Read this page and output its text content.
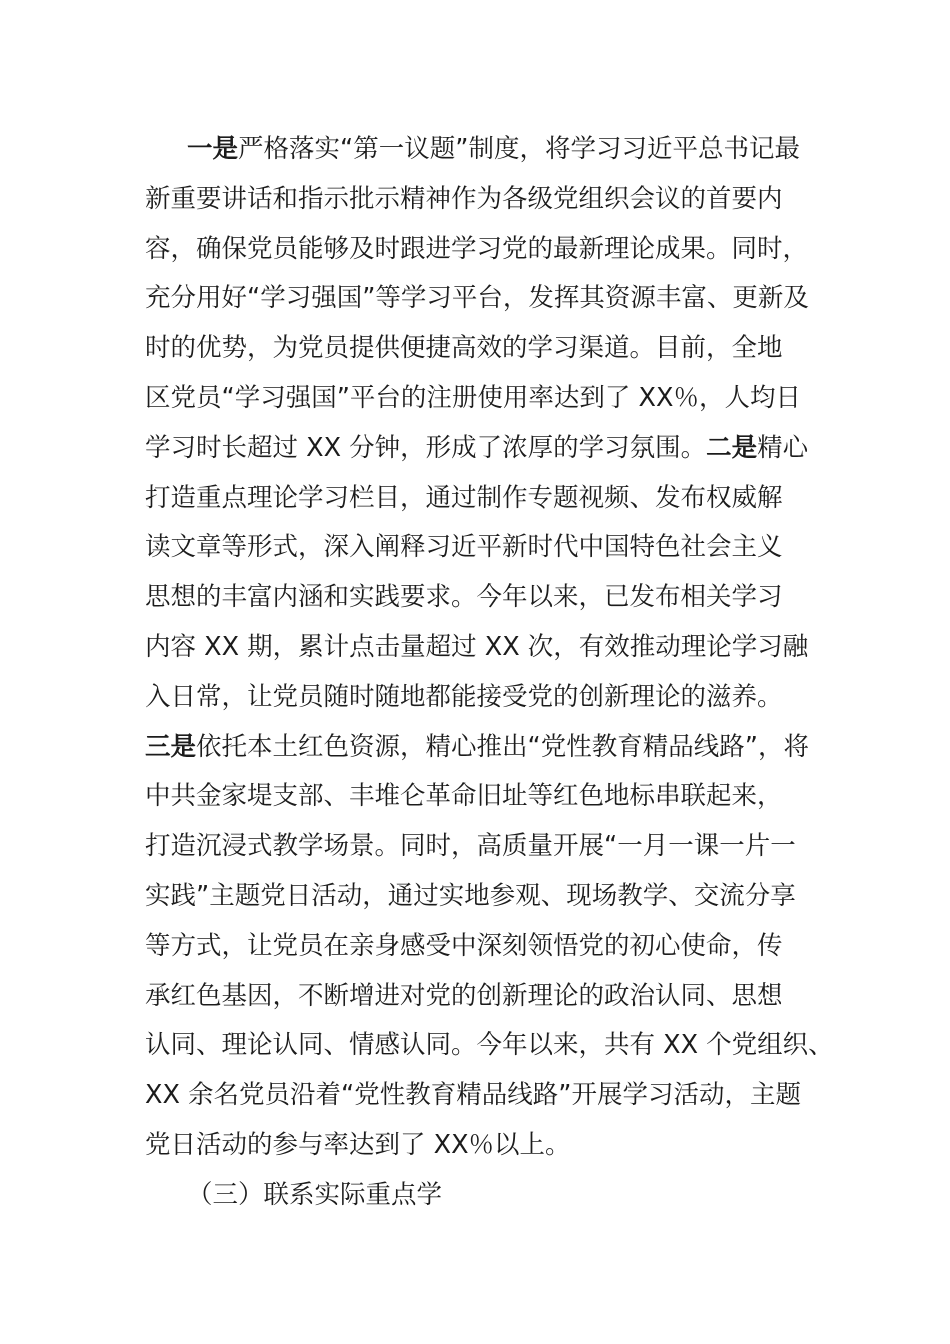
一是严格落实“第一议题”制度，将学习习近平总书记最
新重要讲话和指示批示精神作为各级党组织会议的首要内
容，确保党员能够及时跟进学习党的最新理论成果。同时，
充分用好“学习强国”等学习平台，发挥其资源丰富、更新及
时的优势，为党员提供便捷高效的学习渠道。目前，全地
区党员“学习强国”平台的注册使用率达到了 XX％，人均日
学习时长超过 XX 分钟，形成了浓厚的学习氛围。二是精心
打造重点理论学习栏目，通过制作专题视频、发布权威解
读文章等形式，深入阐释习近平新时代中国特色社会主义
思想的丰富内涵和实践要求。今年以来，已发布相关学习
内容 XX 期，累计点击量超过 XX 次，有效推动理论学习融
入日常，让党员随时随地都能接受党的创新理论的滋养。
三是依托本土红色资源，精心推出“党性教育精品线路”，将
中共金家堤支部、丰堆仑革命旧址等红色地标串联起来，
打造沉浸式教学场景。同时，高质量开展“一月一课一片一
实践”主题党日活动，通过实地参观、现场教学、交流分享
等方式，让党员在亲身感受中深刻领悟党的初心使命，传
承红色基因，不断增进对党的创新理论的政治认同、思想
认同、理论认同、情感认同。今年以来，共有 XX 个党组织、
XX 余名党员沿着“党性教育精品线路”开展学习活动，主题
党日活动的参与率达到了 XX％以上。
（三）联系实际重点学
